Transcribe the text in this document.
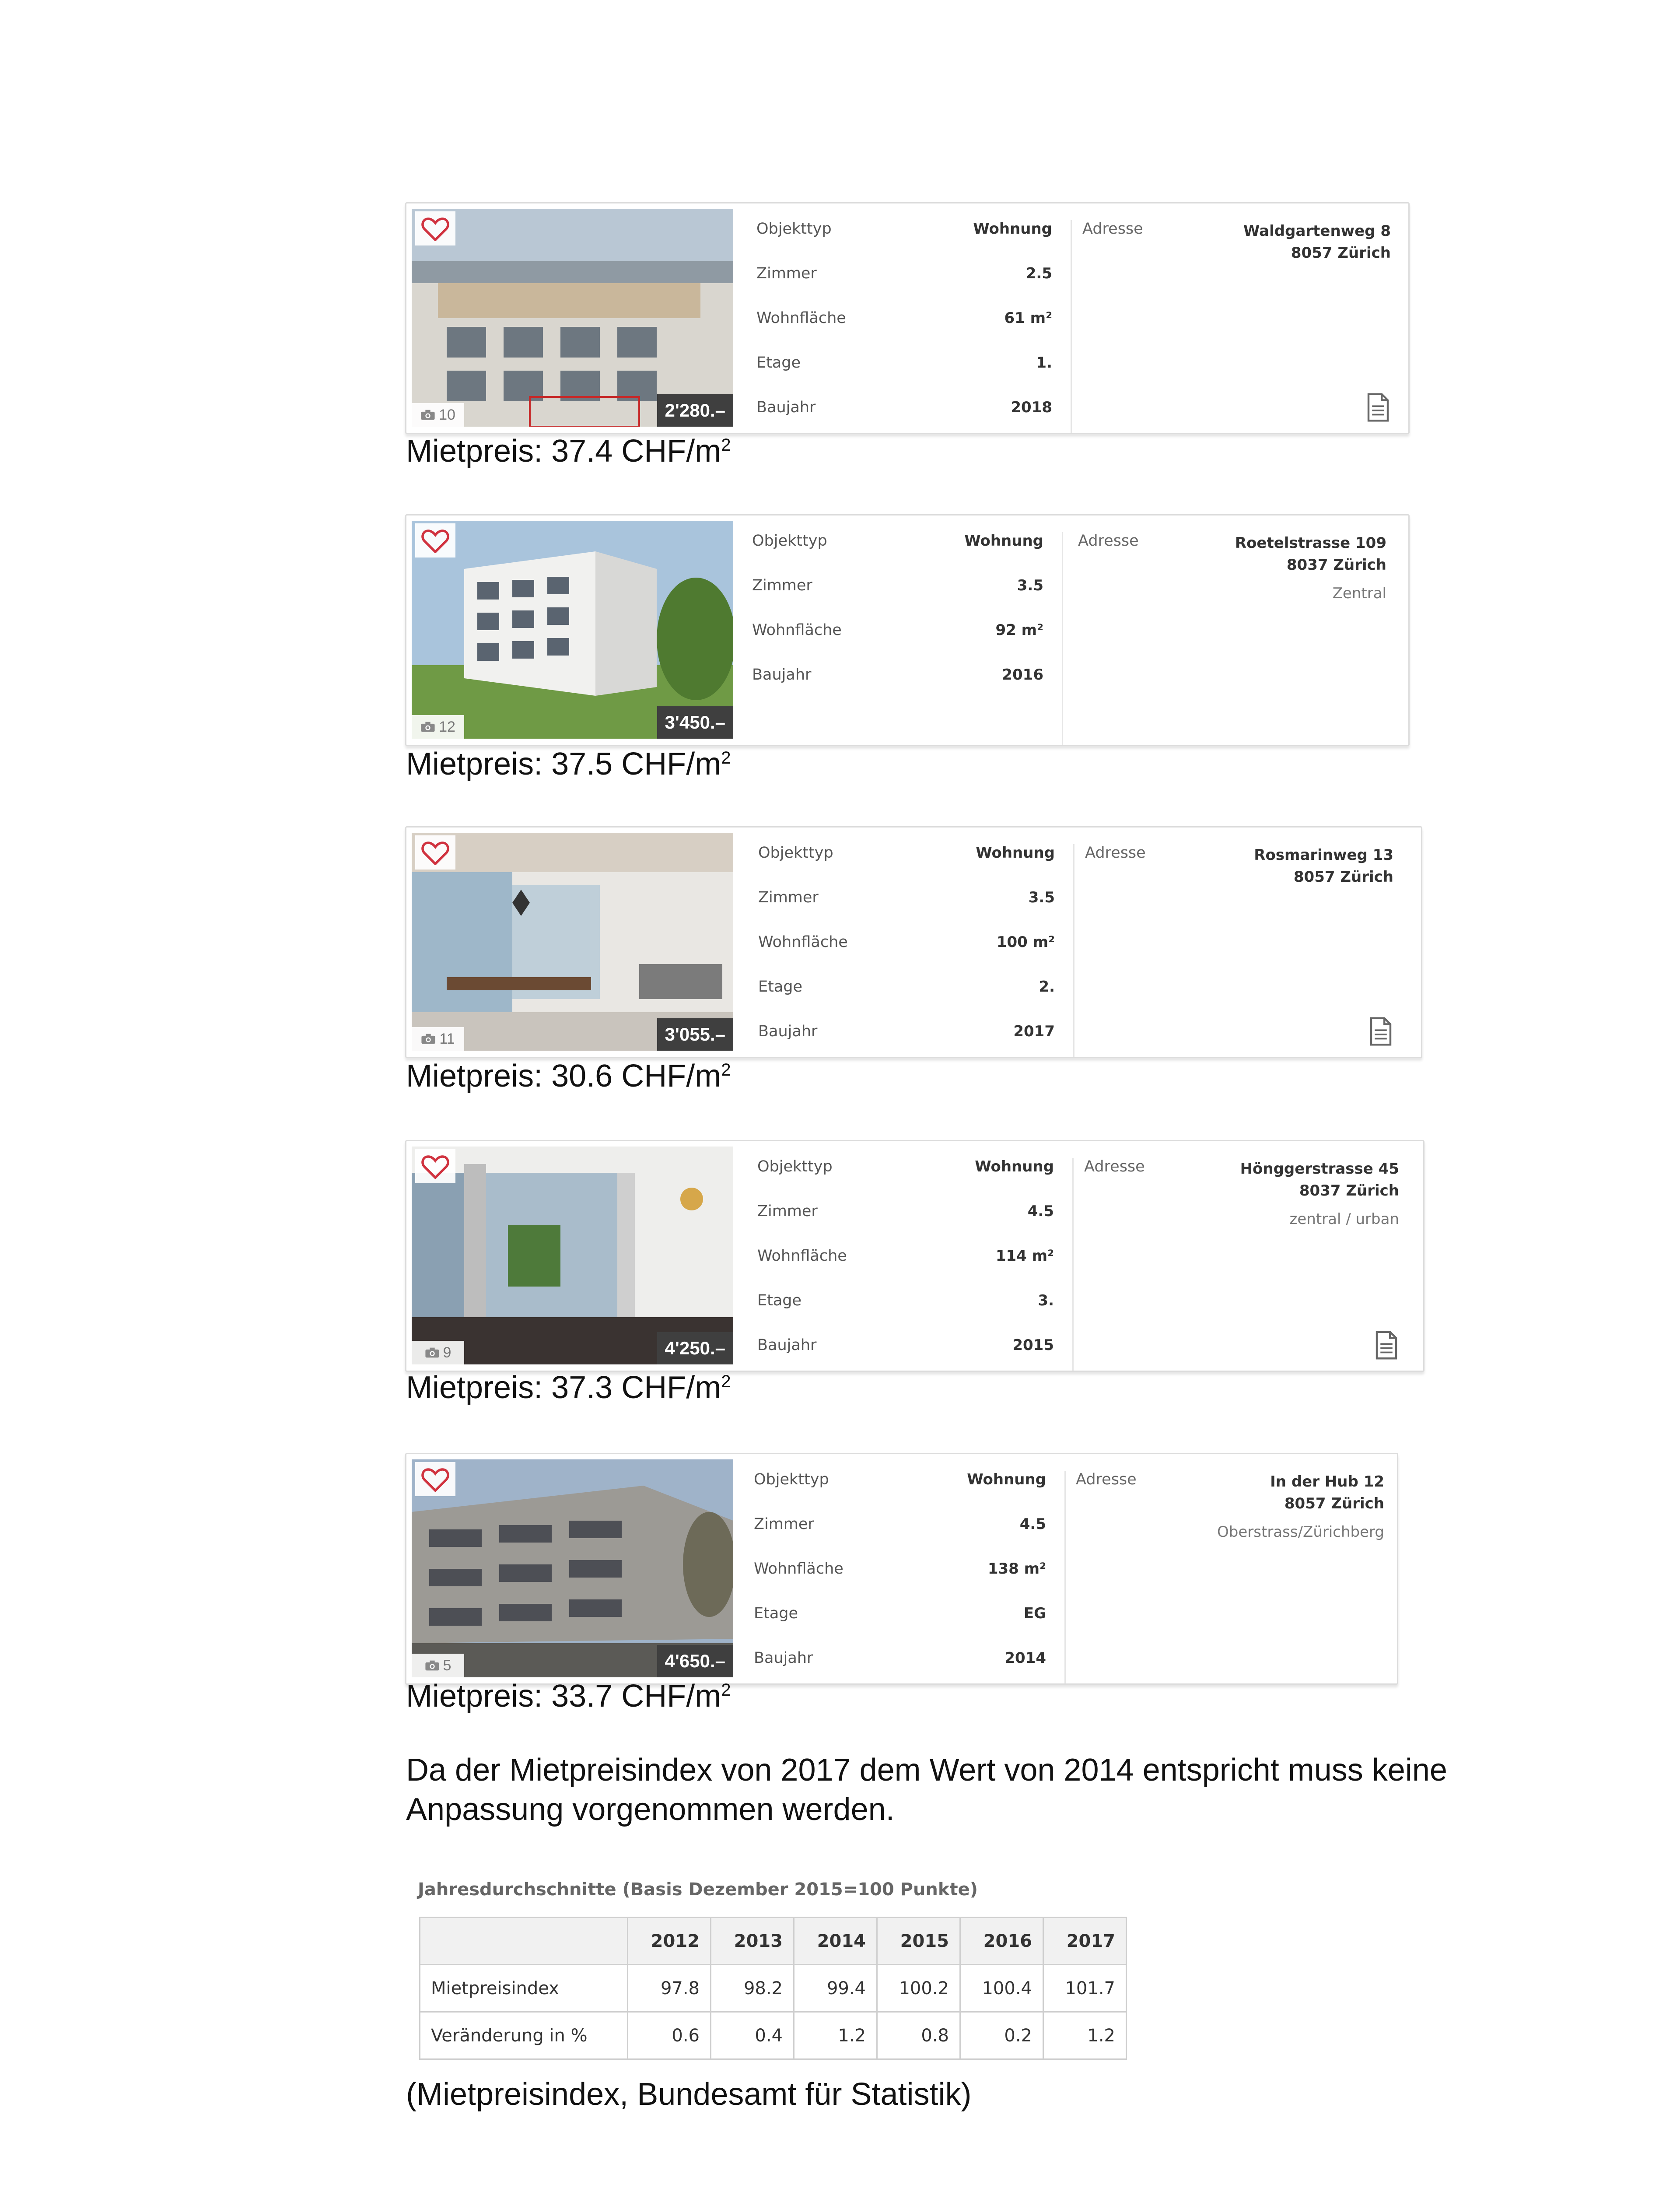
10	2'280.–
Objekttyp	Wohnung
Zimmer	2.5
Wohnfläche	61 m²
Etage	1.
Baujahr	2018
Adresse	Waldgartenweg 8
8057 Zürich
Mietpreis: 37.4 CHF/$m^2$
12	3'450.–
Objekttyp	Wohnung
Zimmer	3.5
Wohnfläche	92 m²
Baujahr	2016
Adresse	Roetelstrasse 109
8037 Zürich
Zentral
Mietpreis: 37.5 CHF/$m^2$
11	3'055.–
Objekttyp	Wohnung
Zimmer	3.5
Wohnfläche	100 m²
Etage	2.
Baujahr	2017
Adresse	Rosmarinweg 13
8057 Zürich
Mietpreis: 30.6 CHF/$m^2$
9	4'250.–
Objekttyp	Wohnung
Zimmer	4.5
Wohnfläche	114 m²
Etage	3.
Baujahr	2015
Adresse	Hönggerstrasse 45
8037 Zürich
zentral / urban
Mietpreis: 37.3 CHF/$m^2$
5	4'650.–
Objekttyp	Wohnung
Zimmer	4.5
Wohnfläche	138 m²
Etage	EG
Baujahr	2014
Adresse	In der Hub 12
8057 Zürich
Oberstrass/Zürichberg
Mietpreis: 33.7 CHF/$m^2$

Da der Mietpreisindex von 2017 dem Wert von 2014 entspricht muss keine Anpassung vorgenommen werden.

Jahresdurchschnitte (Basis Dezember 2015=100 Punkte)
	2012	2013	2014	2015	2016	2017
Mietpreisindex	97.8	98.2	99.4	100.2	100.4	101.7
Veränderung in %	0.6	0.4	1.2	0.8	0.2	1.2
(Mietpreisindex, Bundesamt für Statistik)
